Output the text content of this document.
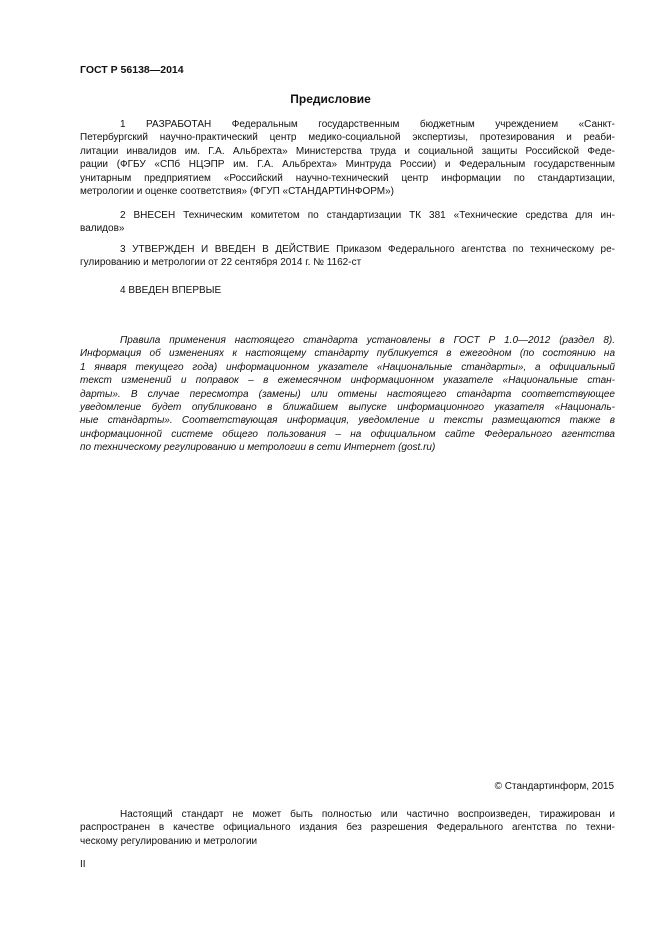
ГОСТ Р 56138—2014
Предисловие
1 РАЗРАБОТАН Федеральным государственным бюджетным учреждением «Санкт-
Петербургский научно-практический центр медико-социальной экспертизы, протезирования и реаби-
литации инвалидов им. Г.А. Альбрехта» Министерства труда и социальной защиты Российской Феде-
рации (ФГБУ «СПб НЦЭПР им. Г.А. Альбрехта» Минтруда России) и Федеральным государственным
унитарным предприятием «Российский научно-технический центр информации по стандартизации,
метрологии и оценке соответствия» (ФГУП «СТАНДАРТИНФОРМ»)
2 ВНЕСЕН Техническим комитетом по стандартизации ТК 381 «Технические средства для ин-
валидов»
3 УТВЕРЖДЕН И ВВЕДЕН В ДЕЙСТВИЕ Приказом Федерального агентства по техническому ре-
гулированию и метрологии от 22 сентября 2014 г. № 1162-ст
4 ВВЕДЕН ВПЕРВЫЕ
Правила применения настоящего стандарта установлены в ГОСТ Р 1.0—2012 (раздел 8).
Информация об изменениях к настоящему стандарту публикуется в ежегодном (по состоянию на
1 января текущего года) информационном указателе «Национальные стандарты», а официальный
текст изменений и поправок – в ежемесячном информационном указателе «Национальные стан-
дарты». В случае пересмотра (замены) или отмены настоящего стандарта соответствующее
уведомление будет опубликовано в ближайшем выпуске информационного указателя «Националь-
ные стандарты». Соответствующая информация, уведомление и тексты размещаются также в
информационной системе общего пользования – на официальном сайте Федерального агентства
по техническому регулированию и метрологии в сети Интернет (gost.ru)
© Стандартинформ, 2015
Настоящий стандарт не может быть полностью или частично воспроизведен, тиражирован и
распространен в качестве официального издания без разрешения Федерального агентства по техни-
ческому регулированию и метрологии
II
